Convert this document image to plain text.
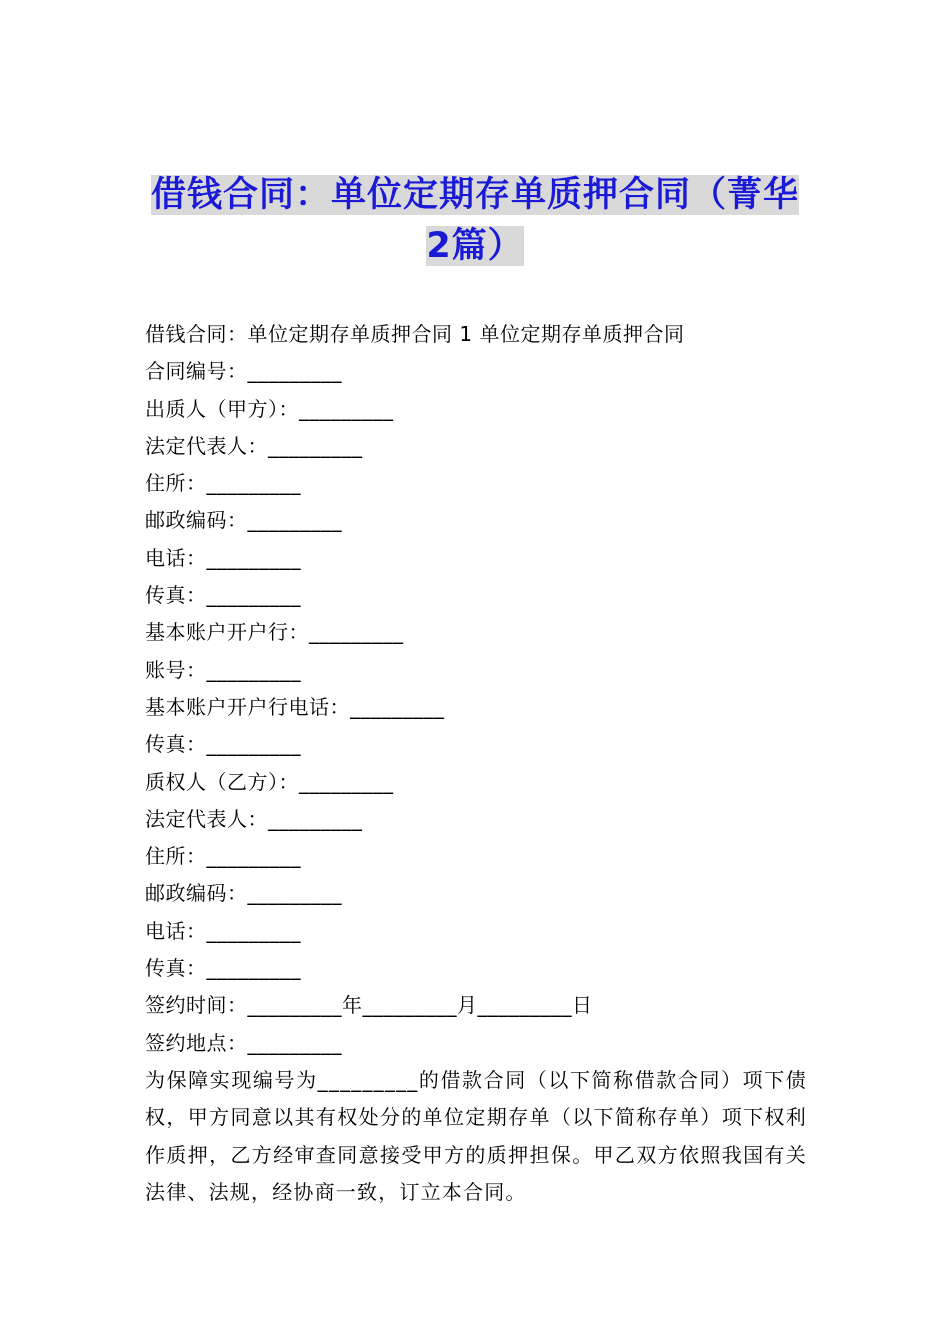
借钱合同：单位定期存单质押合同（菁华2篇）
借钱合同：单位定期存单质押合同 1 单位定期存单质押合同
合同编号：_________
出质人（甲方）：_________
法定代表人：_________
住所：_________
邮政编码：_________
电话：_________
传真：_________
基本账户开户行：_________
账号：_________
基本账户开户行电话：_________
传真：_________
质权人（乙方）：_________
法定代表人：_________
住所：_________
邮政编码：_________
电话：_________
传真：_________
签约时间：_________年_________月_________日
签约地点：_________

为保障实现编号为_________的借款合同（以下简称借款合同）项下债权，甲方同意以其有权处分的单位定期存单（以下简称存单）项下权利作质押，乙方经审查同意接受甲方的质押担保。甲乙双方依照我国有关法律、法规，经协商一致，订立本合同。
